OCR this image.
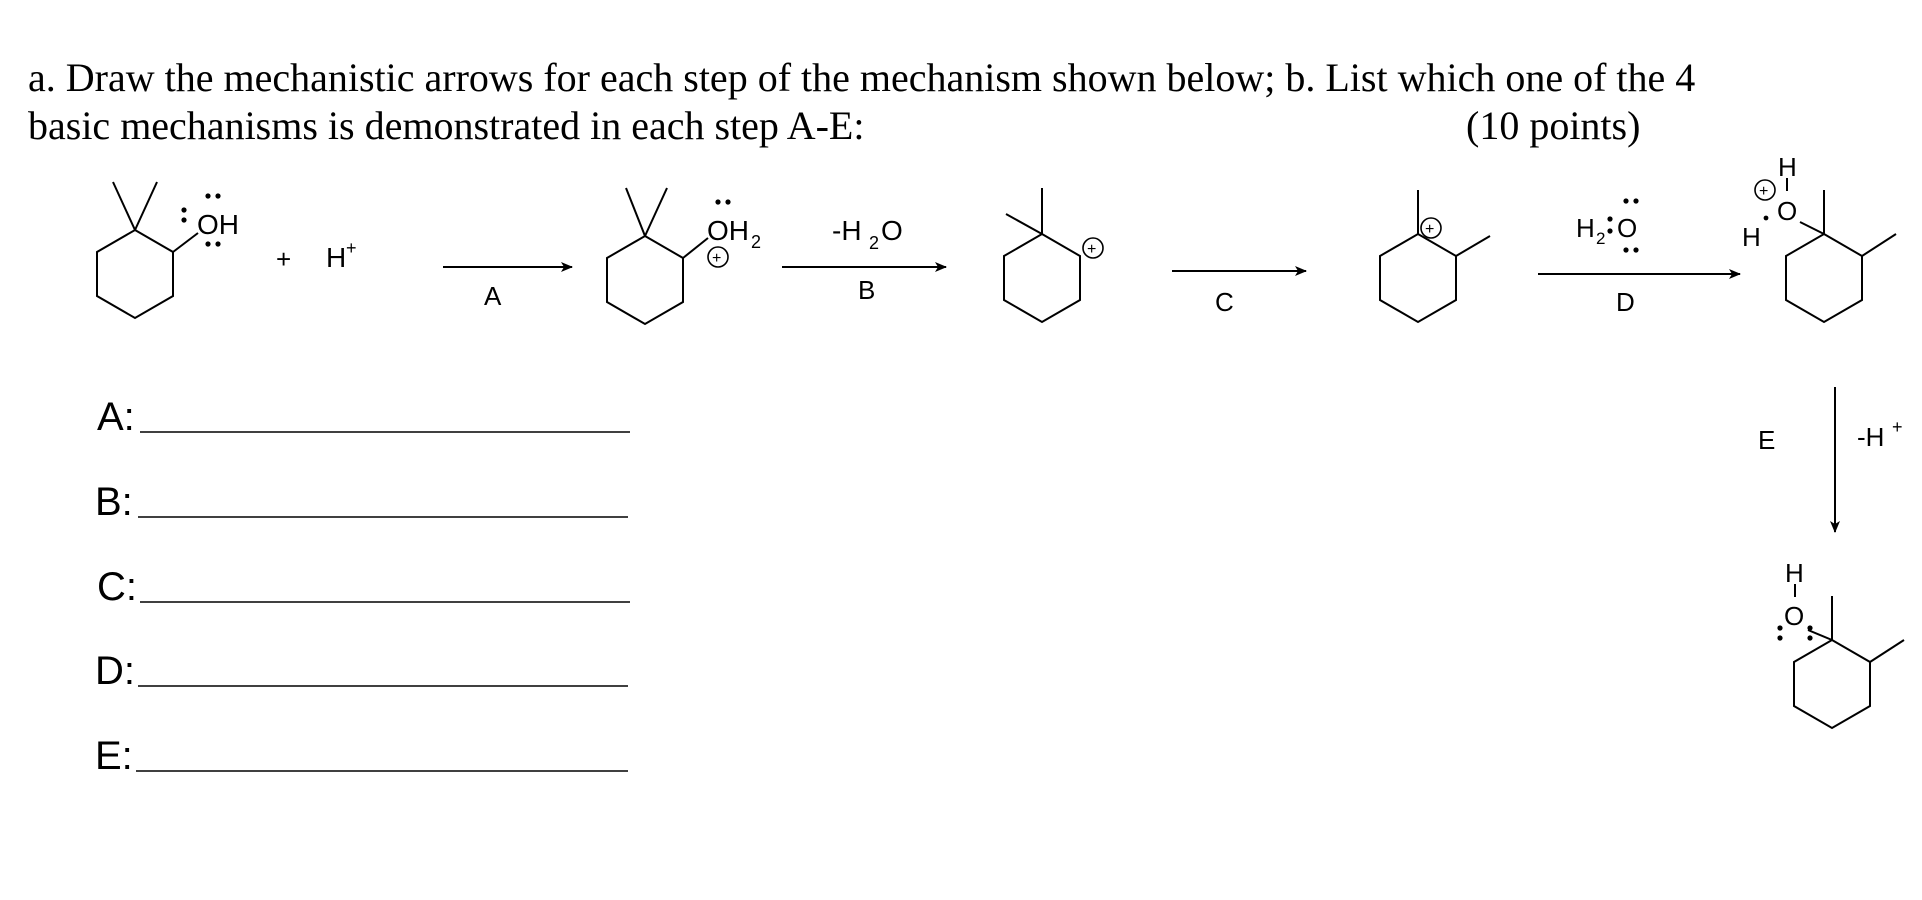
a. Draw the mechanistic arrows for each step of the mechanism shown below; b. List which one of the 4
basic mechanisms is demonstrated in each step A-E:	(10 points)
OH
+ H +
OH 2
+
+
+	H 2 O
H
O
H
+
H
O
A
-H 2 O
B	C	D
E	-H +
A:
B:
C:
D:
E:
